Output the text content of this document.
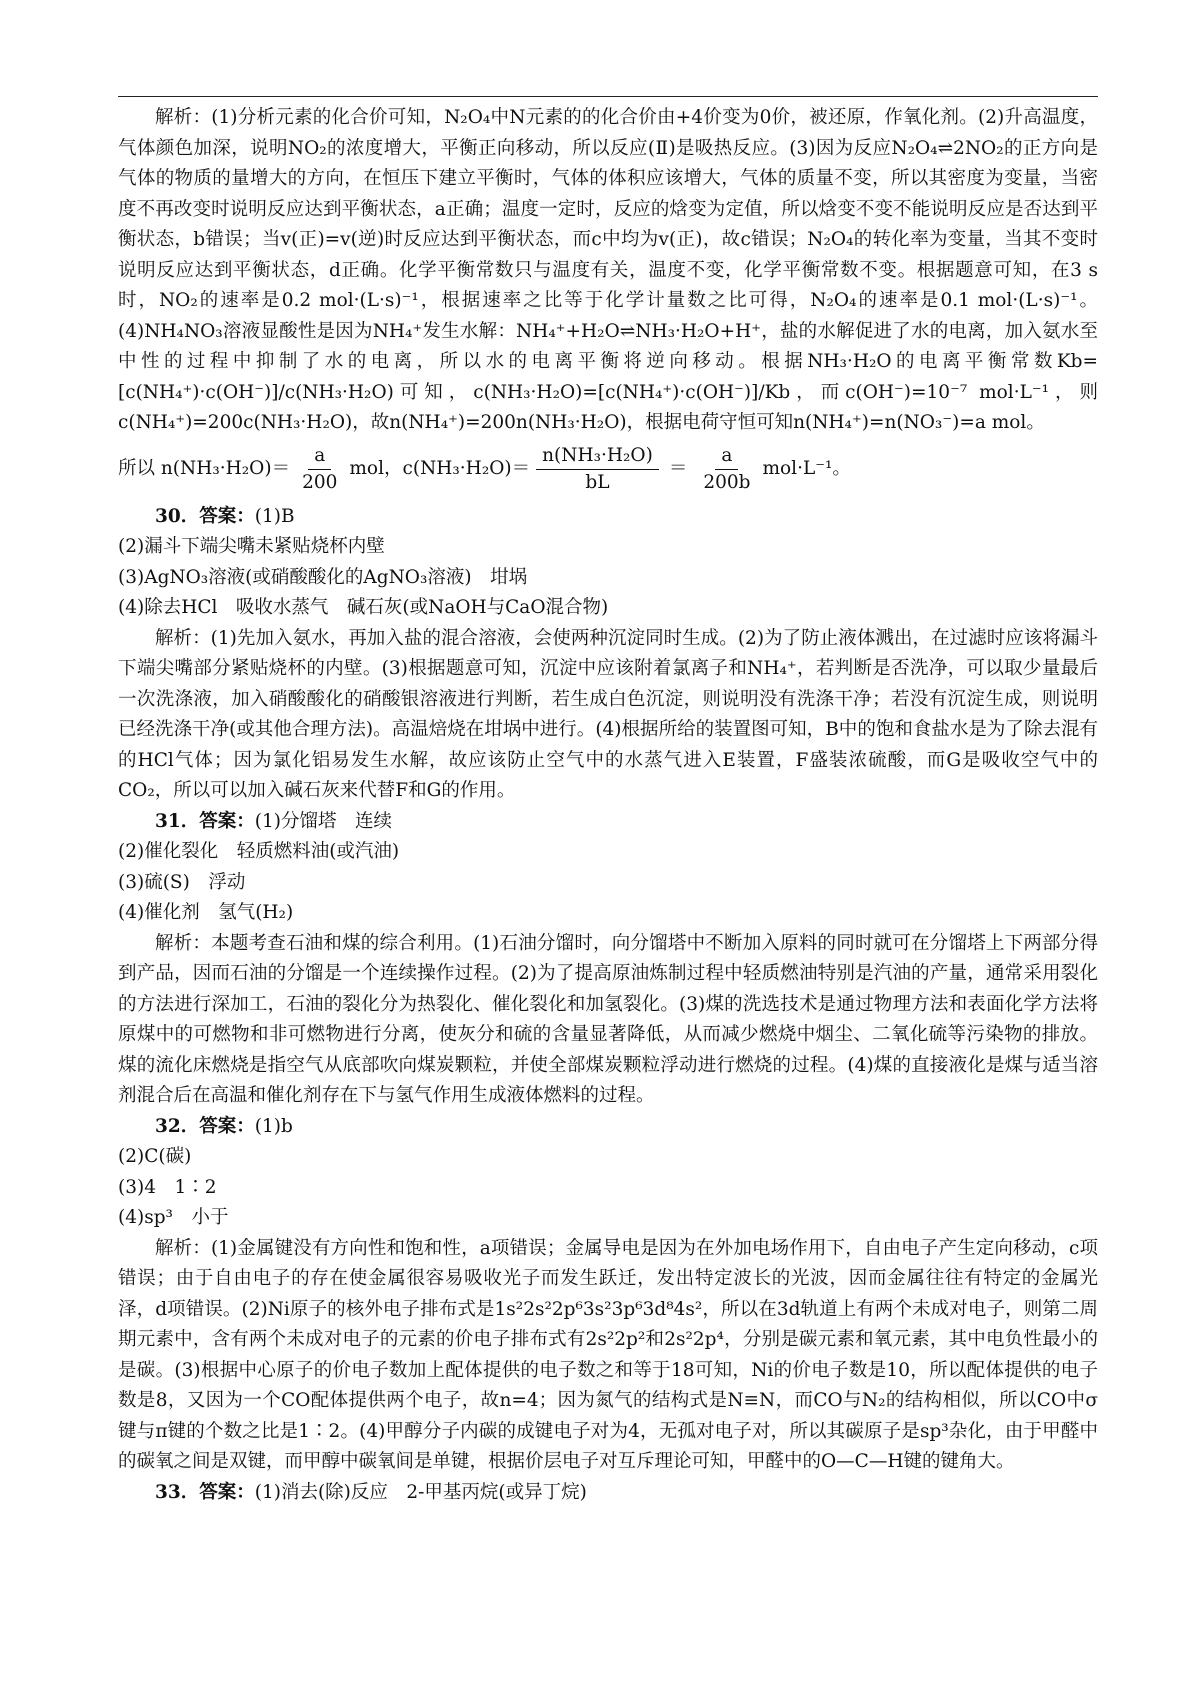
解析：(1)分析元素的化合价可知，N₂O₄中N元素的的化合价由+4价变为0价，被还原，作氧化剂。(2)升高温度，气体颜色加深，说明NO₂的浓度增大，平衡正向移动，所以反应(Ⅱ)是吸热反应。(3)因为反应N₂O₄⇌2NO₂的正方向是气体的物质的量增大的方向，在恒压下建立平衡时，气体的体积应该增大，气体的质量不变，所以其密度为变量，当密度不再改变时说明反应达到平衡状态，a正确；温度一定时，反应的焓变为定值，所以焓变不变不能说明反应是否达到平衡状态，b错误；当v(正)=v(逆)时反应达到平衡状态，而c中均为v(正)，故c错误；N₂O₄的转化率为变量，当其不变时说明反应达到平衡状态，d正确。化学平衡常数只与温度有关，温度不变，化学平衡常数不变。根据题意可知，在3 s时，NO₂的速率是0.2 mol·(L·s)⁻¹，根据速率之比等于化学计量数之比可得，N₂O₄的速率是0.1 mol·(L·s)⁻¹。(4)NH₄NO₃溶液显酸性是因为NH₄⁺发生水解：NH₄⁺+H₂O⇌NH₃·H₂O+H⁺，盐的水解促进了水的电离，加入氨水至中性的过程中抑制了水的电离，所以水的电离平衡将逆向移动。根据NH₃·H₂O的电离平衡常数Kb=[c(NH₄⁺)·c(OH⁻)]/c(NH₃·H₂O)可知，c(NH₃·H₂O)=[c(NH₄⁺)·c(OH⁻)]/Kb，而c(OH⁻)=10⁻⁷ mol·L⁻¹，则c(NH₄⁺)=200c(NH₃·H₂O)，故n(NH₄⁺)=200n(NH₃·H₂O)，根据电荷守恒可知n(NH₄⁺)=n(NO₃⁻)=a mol。

所以 $n(NH_3\cdot H_2O)= \frac{a}{200}$ mol，$c(NH_3\cdot H_2O)= \frac{\text{n(NH₃·H₂O)}}{bL} = \frac{a}{200b} mol\cdot L^{-1}$。

30．答案：(1)B

(2)漏斗下端尖嘴未紧贴烧杯内壁

(3)AgNO₃溶液(或硝酸酸化的AgNO₃溶液)　坩埚

(4)除去HCl　吸收水蒸气　碱石灰(或NaOH与CaO混合物)

解析：(1)先加入氨水，再加入盐的混合溶液，会使两种沉淀同时生成。(2)为了防止液体溅出，在过滤时应该将漏斗下端尖嘴部分紧贴烧杯的内壁。(3)根据题意可知，沉淀中应该附着氯离子和NH₄⁺，若判断是否洗净，可以取少量最后一次洗涤液，加入硝酸酸化的硝酸银溶液进行判断，若生成白色沉淀，则说明没有洗涤干净；若没有沉淀生成，则说明已经洗涤干净(或其他合理方法)。高温焙烧在坩埚中进行。(4)根据所给的装置图可知，B中的饱和食盐水是为了除去混有的HCl气体；因为氯化铝易发生水解，故应该防止空气中的水蒸气进入E装置，F盛装浓硫酸，而G是吸收空气中的CO₂，所以可以加入碱石灰来代替F和G的作用。

31．答案：(1)分馏塔　连续

(2)催化裂化　轻质燃料油(或汽油)

(3)硫(S)　浮动

(4)催化剂　氢气(H₂)

解析：本题考查石油和煤的综合利用。(1)石油分馏时，向分馏塔中不断加入原料的同时就可在分馏塔上下两部分得到产品，因而石油的分馏是一个连续操作过程。(2)为了提高原油炼制过程中轻质燃油特别是汽油的产量，通常采用裂化的方法进行深加工，石油的裂化分为热裂化、催化裂化和加氢裂化。(3)煤的洗选技术是通过物理方法和表面化学方法将原煤中的可燃物和非可燃物进行分离，使灰分和硫的含量显著降低，从而减少燃烧中烟尘、二氧化硫等污染物的排放。煤的流化床燃烧是指空气从底部吹向煤炭颗粒，并使全部煤炭颗粒浮动进行燃烧的过程。(4)煤的直接液化是煤与适当溶剂混合后在高温和催化剂存在下与氢气作用生成液体燃料的过程。

32．答案：(1)b

(2)C(碳)

(3)4　1∶2

(4)sp³　小于

解析：(1)金属键没有方向性和饱和性，a项错误；金属导电是因为在外加电场作用下，自由电子产生定向移动，c项错误；由于自由电子的存在使金属很容易吸收光子而发生跃迁，发出特定波长的光波，因而金属往往有特定的金属光泽，d项错误。(2)Ni原子的核外电子排布式是1s²2s²2p⁶3s²3p⁶3d⁸4s²，所以在3d轨道上有两个未成对电子，则第二周期元素中，含有两个未成对电子的元素的价电子排布式有2s²2p²和2s²2p⁴，分别是碳元素和氧元素，其中电负性最小的是碳。(3)根据中心原子的价电子数加上配体提供的电子数之和等于18可知，Ni的价电子数是10，所以配体提供的电子数是8，又因为一个CO配体提供两个电子，故n=4；因为氮气的结构式是N≡N，而CO与N₂的结构相似，所以CO中σ键与π键的个数之比是1∶2。(4)甲醇分子内碳的成键电子对为4，无孤对电子对，所以其碳原子是sp³杂化，由于甲醛中的碳氧之间是双键，而甲醇中碳氧间是单键，根据价层电子对互斥理论可知，甲醛中的O—C—H键的键角大。

33．答案：(1)消去(除)反应　2-甲基丙烷(或异丁烷)
